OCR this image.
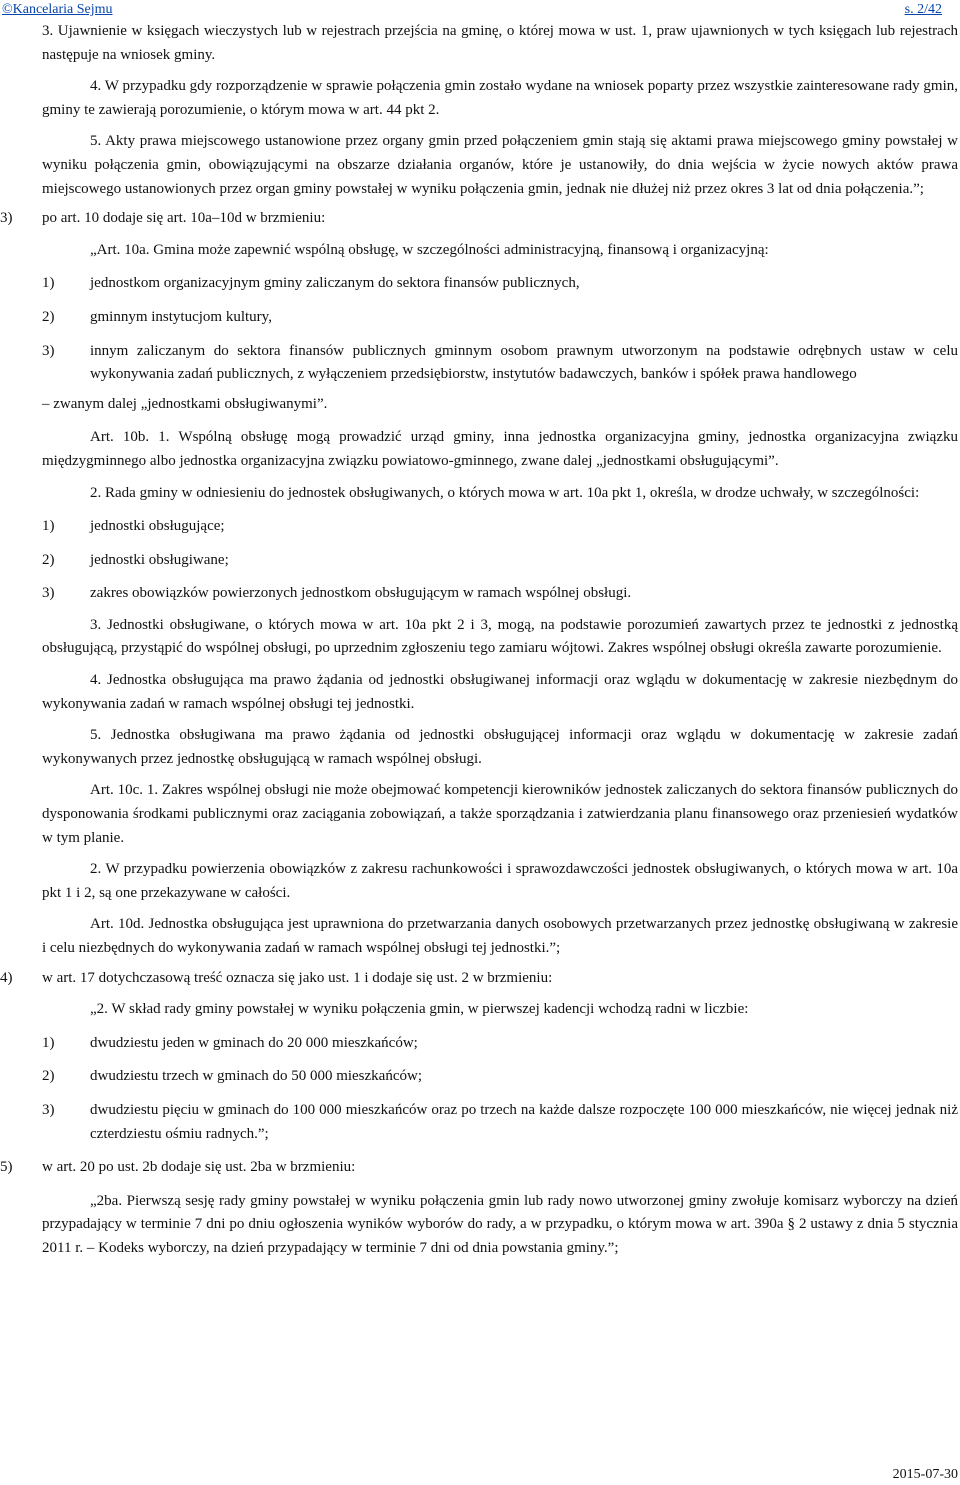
©Kancelaria Sejmu	s. 2/42

3. Ujawnienie w księgach wieczystych lub w rejestrach przejścia na gminę, o której mowa w ust. 1, praw ujawnionych w tych księgach lub rejestrach następuje na wniosek gminy.

4. W przypadku gdy rozporządzenie w sprawie połączenia gmin zostało wydane na wniosek poparty przez wszystkie zainteresowane rady gmin, gminy te zawierają porozumienie, o którym mowa w art. 44 pkt 2.

5. Akty prawa miejscowego ustanowione przez organy gmin przed połączeniem gmin stają się aktami prawa miejscowego gminy powstałej w wyniku połączenia gmin, obowiązującymi na obszarze działania organów, które je ustanowiły, do dnia wejścia w życie nowych aktów prawa miejscowego ustanowionych przez organ gminy powstałej w wyniku połączenia gmin, jednak nie dłużej niż przez okres 3 lat od dnia połączenia.”;

3)	po art. 10 dodaje się art. 10a–10d w brzmieniu:

„Art. 10a. Gmina może zapewnić wspólną obsługę, w szczególności administracyjną, finansową i organizacyjną:

1)	jednostkom organizacyjnym gminy zaliczanym do sektora finansów publicznych,
2)	gminnym instytucjom kultury,
3)	innym zaliczanym do sektora finansów publicznych gminnym osobom prawnym utworzonym na podstawie odrębnych ustaw w celu wykonywania zadań publicznych, z wyłączeniem przedsiębiorstw, instytutów badawczych, banków i spółek prawa handlowego

– zwanym dalej „jednostkami obsługiwanymi”.

Art. 10b. 1. Wspólną obsługę mogą prowadzić urząd gminy, inna jednostka organizacyjna gminy, jednostka organizacyjna związku międzygminnego albo jednostka organizacyjna związku powiatowo-gminnego, zwane dalej „jednostkami obsługującymi”.

2. Rada gminy w odniesieniu do jednostek obsługiwanych, o których mowa w art. 10a pkt 1, określa, w drodze uchwały, w szczególności:

1)	jednostki obsługujące;
2)	jednostki obsługiwane;
3)	zakres obowiązków powierzonych jednostkom obsługującym w ramach wspólnej obsługi.

3. Jednostki obsługiwane, o których mowa w art. 10a pkt 2 i 3, mogą, na podstawie porozumień zawartych przez te jednostki z jednostką obsługującą, przystąpić do wspólnej obsługi, po uprzednim zgłoszeniu tego zamiaru wójtowi. Zakres wspólnej obsługi określa zawarte porozumienie.

4. Jednostka obsługująca ma prawo żądania od jednostki obsługiwanej informacji oraz wglądu w dokumentację w zakresie niezbędnym do wykonywania zadań w ramach wspólnej obsługi tej jednostki.

5. Jednostka obsługiwana ma prawo żądania od jednostki obsługującej informacji oraz wglądu w dokumentację w zakresie zadań wykonywanych przez jednostkę obsługującą w ramach wspólnej obsługi.

Art. 10c. 1. Zakres wspólnej obsługi nie może obejmować kompetencji kierowników jednostek zaliczanych do sektora finansów publicznych do dysponowania środkami publicznymi oraz zaciągania zobowiązań, a także sporządzania i zatwierdzania planu finansowego oraz przeniesień wydatków w tym planie.

2. W przypadku powierzenia obowiązków z zakresu rachunkowości i sprawozdawczości jednostek obsługiwanych, o których mowa w art. 10a pkt 1 i 2, są one przekazywane w całości.

Art. 10d. Jednostka obsługująca jest uprawniona do przetwarzania danych osobowych przetwarzanych przez jednostkę obsługiwaną w zakresie i celu niezbędnych do wykonywania zadań w ramach wspólnej obsługi tej jednostki.”;

4)	w art. 17 dotychczasową treść oznacza się jako ust. 1 i dodaje się ust. 2 w brzmieniu:

„2. W skład rady gminy powstałej w wyniku połączenia gmin, w pierwszej kadencji wchodzą radni w liczbie:

1)	dwudziestu jeden w gminach do 20 000 mieszkańców;
2)	dwudziestu trzech w gminach do 50 000 mieszkańców;
3)	dwudziestu pięciu w gminach do 100 000 mieszkańców oraz po trzech na każde dalsze rozpoczęte 100 000 mieszkańców, nie więcej jednak niż czterdziestu ośmiu radnych.”;
5)	w art. 20 po ust. 2b dodaje się ust. 2ba w brzmieniu:

„2ba. Pierwszą sesję rady gminy powstałej w wyniku połączenia gmin lub rady nowo utworzonej gminy zwołuje komisarz wyborczy na dzień przypadający w terminie 7 dni po dniu ogłoszenia wyników wyborów do rady, a w przypadku, o którym mowa w art. 390a § 2 ustawy z dnia 5 stycznia 2011 r. – Kodeks wyborczy, na dzień przypadający w terminie 7 dni od dnia powstania gminy.”;

2015-07-30
